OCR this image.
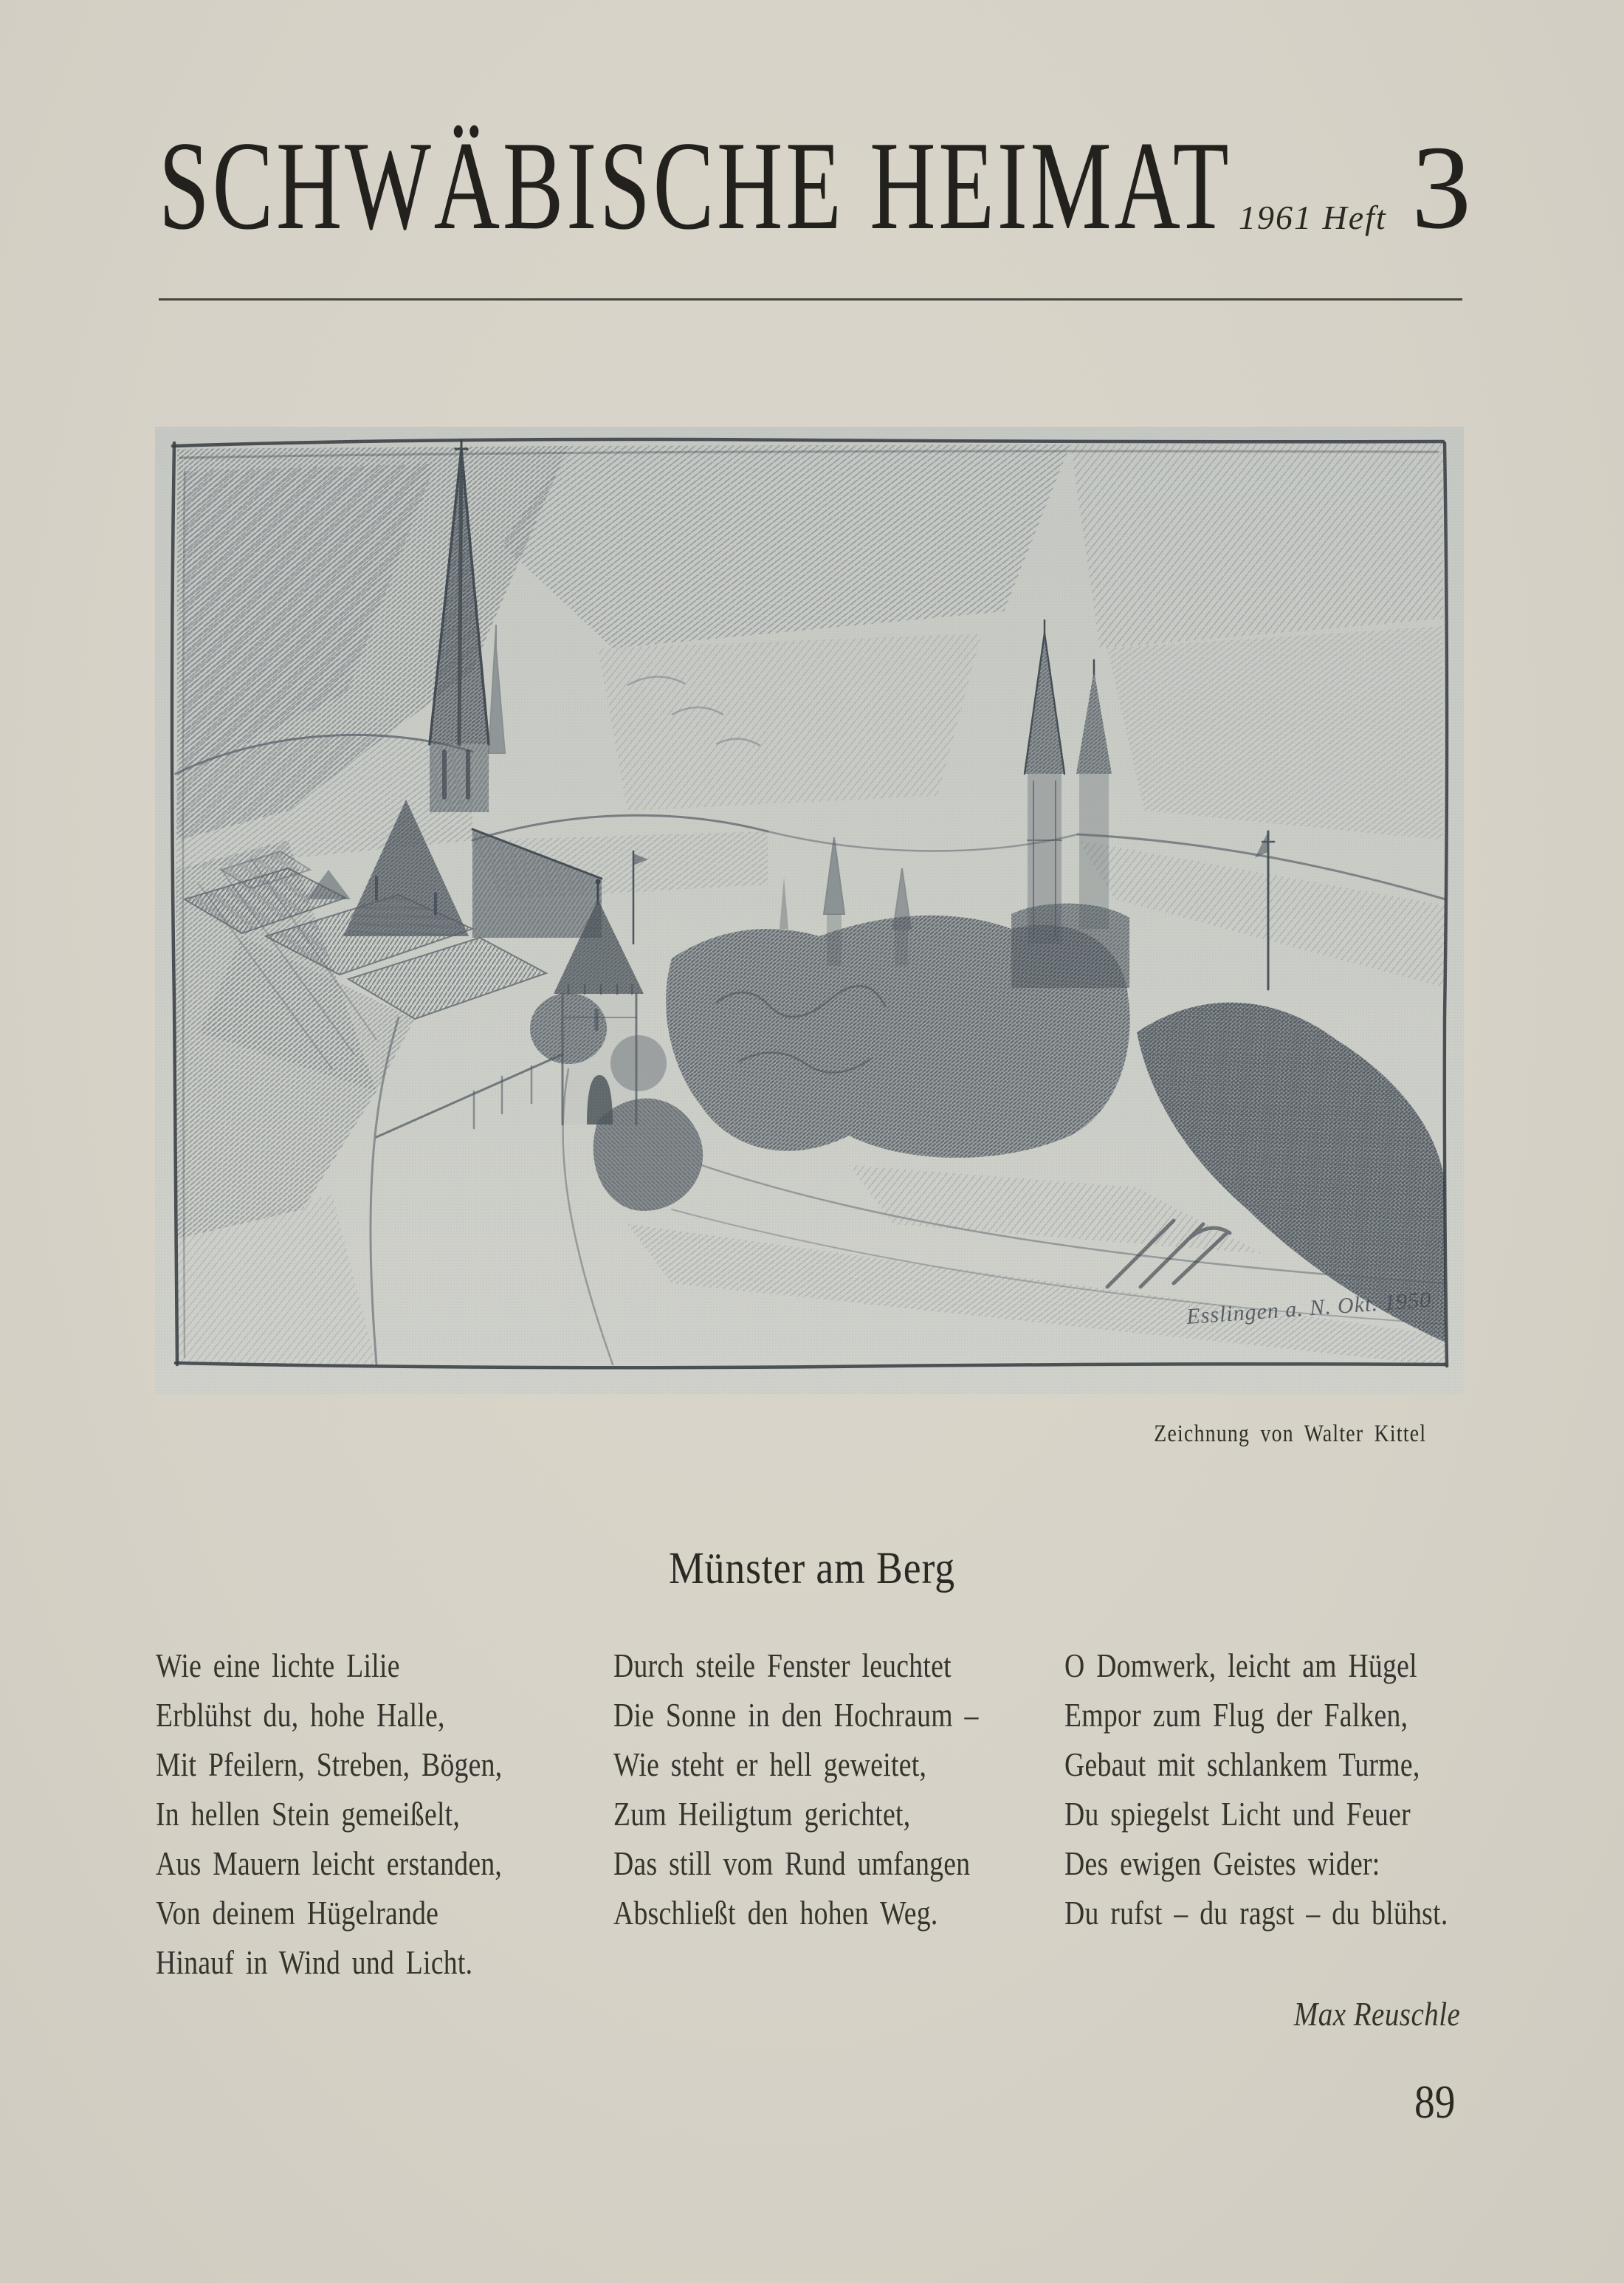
SCHWÄBISCHE HEIMAT 1961 Heft 3
Esslingen a. N. Okt. 1950
Zeichnung von Walter Kittel
Münster am Berg
Wie eine lichte Lilie
Erblühst du, hohe Halle,
Mit Pfeilern, Streben, Bögen,
In hellen Stein gemeißelt,
Aus Mauern leicht erstanden,
Von deinem Hügelrande
Hinauf in Wind und Licht.
Durch steile Fenster leuchtet
Die Sonne in den Hochraum –
Wie steht er hell geweitet,
Zum Heiligtum gerichtet,
Das still vom Rund umfangen
Abschließt den hohen Weg.
O Domwerk, leicht am Hügel
Empor zum Flug der Falken,
Gebaut mit schlankem Turme,
Du spiegelst Licht und Feuer
Des ewigen Geistes wider:
Du rufst – du ragst – du blühst.
Max Reuschle
89
